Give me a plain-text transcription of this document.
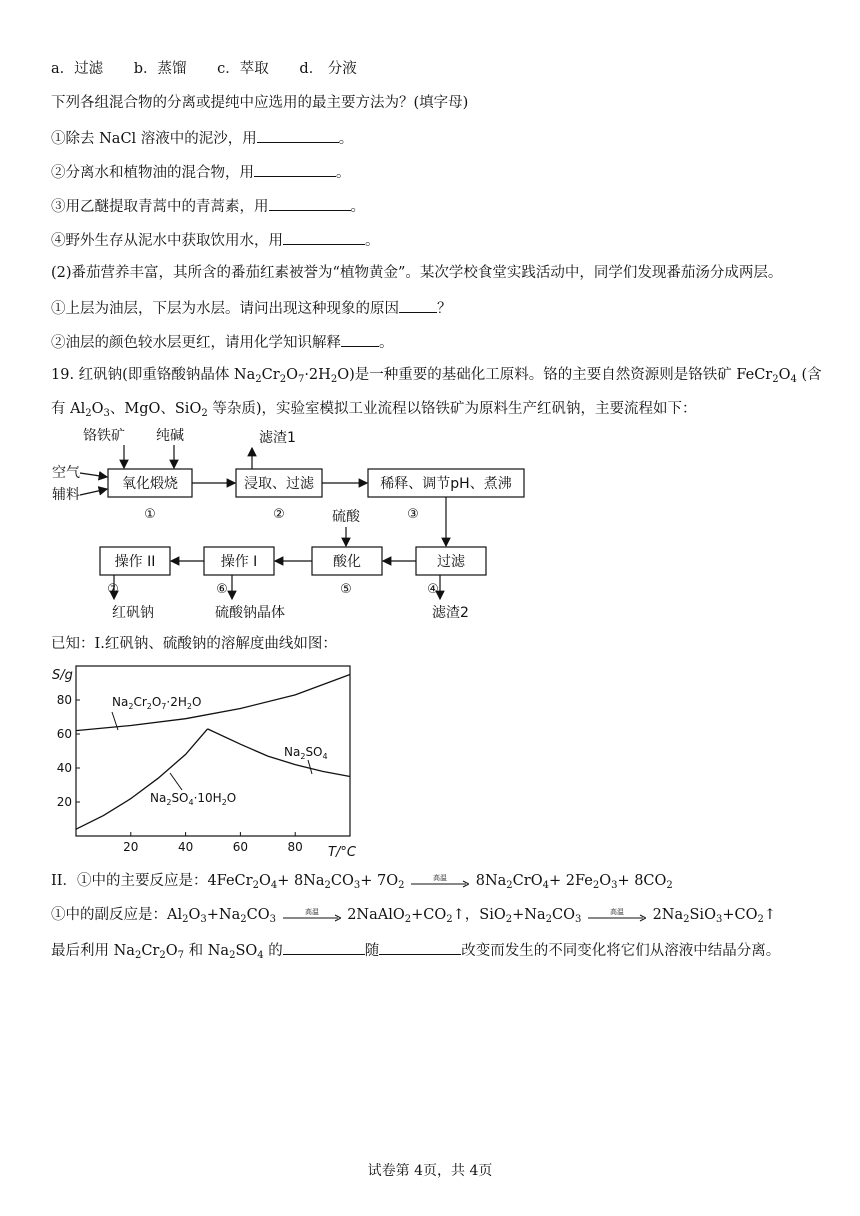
a．过滤 b．蒸馏 c．萃取 d． 分液
下列各组混合物的分离或提纯中应选用的最主要方法为？(填字母)
①除去 NaCl 溶液中的泥沙，用	。
②分离水和植物油的混合物，用	。
③用乙醚提取青蒿中的青蒿素，用	。
④野外生存从泥水中获取饮用水，用	。
(2)番茄营养丰富，其所含的番茄红素被誉为“植物黄金”。某次学校食堂实践活动中，同学们发现番茄汤分成两层。
①上层为油层，下层为水层。请问出现这种现象的原因	？
②油层的颜色较水层更红，请用化学知识解释	。
19. 红矾钠(即重铬酸钠晶体 $Na_2Cr_2O_7\cdot 2H_2O$)是一种重要的基础化工原料。铬的主要自然资源则是铬铁矿 $FeCr_2O_4$ (含
有 $Al_2O_3$、MgO、SiO$_2$ 等杂质)，实验室模拟工业流程以铬铁矿为原料生产红矾钠，主要流程如下：
铬铁矿 纯碱
空气
辅料
滤渣1
滤渣2
硫酸
硫酸钠晶体
红矾钠
氧化煅烧	浸取、过滤	稀释、调节pH、煮沸
过滤
酸化
操作 I
操作 II
①	②	③
④
⑤
⑥
⑦
已知：I.红矾钠、硫酸钠的溶解度曲线如图：
S/g
T/°C
20	40	60	80
20
40
60
80	$Na_2Cr_2O_7\cdot 2H_2O$
$Na_2SO_4$
$Na_2SO_4\cdot 10H_2O$
II．①中的主要反应是：$4FeCr_2O_4+ 8Na_2CO_3+ 7O_2$
高温 $8Na_2CrO_4+ 2Fe_2O_3+ 8CO_2$
①中的副反应是：$Al_2O_3+Na_2CO_3$
高温 $2NaAlO_2+CO_2↑$，$SiO_2+Na_2CO_3$
高温 $2Na_2SiO_3+CO_2↑$
最后利用 $Na_2Cr_2O_7$ 和 $Na_2SO_4$ 的	随	改变而发生的不同变化将它们从溶液中结晶分离。
试卷第 4页，共 4页
